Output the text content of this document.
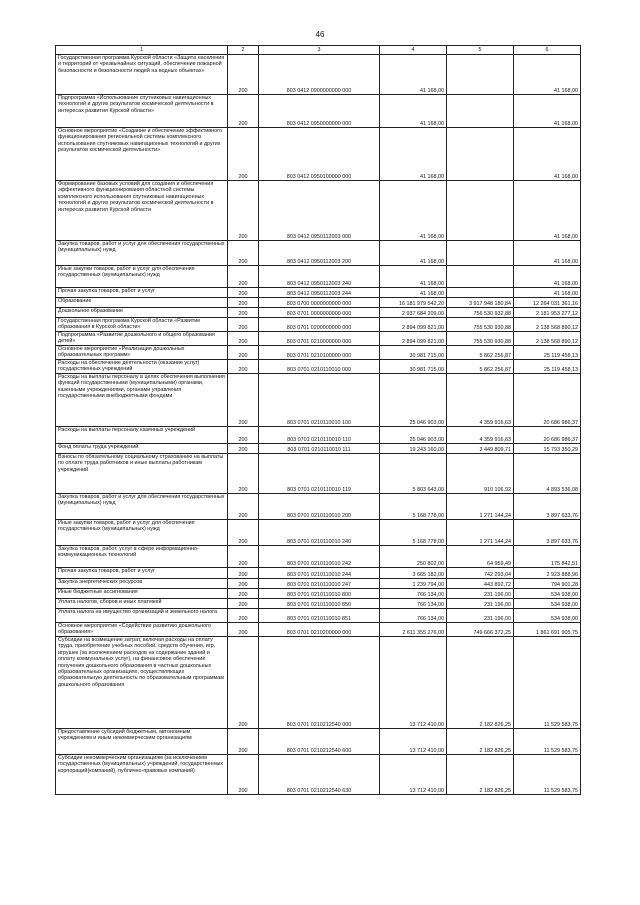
46
1	2	3	4	5	6
Государственная программа Курской области «Защита населения и территорий от чрезвычайных ситуаций, обеспечение пожарной безопасности и безопасности людей на водных объектах»	200	803 0412 0900000000 000	41 168,00		41 168,00
Подпрограмма «Использование спутниковых навигационных технологий и других результатов космической деятельности в интересах развития Курской области»	200	803 0412 0950000000 000	41 168,00		41 168,00
Основное мероприятие «Создание и обеспечение эффективного функционирования региональной системы комплексного использования спутниковых навигационных технологий и других результатов космической деятельности»	200	803 0412 0950100000 000	41 168,00		41 168,00
Формирование базовых условий для создания и обеспечения эффективного функционирования областной системы комплексного использования спутниковых навигационных технологий и других результатов космической деятельности в интересах развития Курской области	200	803 0412 0950112003 000	41 168,00		41 168,00
Закупка товаров, работ и услуг для обеспечения государственных (муниципальных) нужд	200	803 0412 0950112003 200	41 168,00		41 168,00
Иные закупки товаров, работ и услуг для обеспечения государственных (муниципальных) нужд	200	803 0412 0950112003 240	41 168,00		41 168,00
Прочая закупка товаров, работ и услуг	200	803 0412 0950112003 244	41 168,00		41 168,00
Образование	200	803 0700 0000000000 000	16 181 979 542,20	3 917 948 180,84	12 264 031 361,16
Дошкольное образование	200	803 0701 0000000000 000	2 937 684 209,00	756 530 932,88	2 181 953 277,12
Государственная программа Курской области «Развитие образования в Курской области»	200	803 0701 0200000000 000	2 894 099 821,00	755 530 930,88	2 138 568 890,12
Подпрограмма «Развитие дошкольного и общего образования детей»	200	803 0701 0210000000 000	2 894 099 821,00	755 530 930,88	2 138 568 890,12
Основное мероприятие «Реализация дошкольных образовательных программ»	200	803 0701 0210100000 000	30 981 715,00	5 862 256,87	25 119 458,13
Расходы на обеспечение деятельности (оказание услуг) государственных учреждений	200	803 0701 0210110010 000	30 981 715,00	5 862 256,87	25 119 458,13
Расходы на выплаты персоналу в целях обеспечения выполнения функций государственными (муниципальными) органами, казенными учреждениями, органами управления государственными внебюджетными фондами	200	803 0701 0210110010 100	25 046 903,00	4 359 916,63	20 686 986,37
Расходы на выплаты персоналу казенных учреждений	200	803 0701 0210110010 110	25 046 903,00	4 359 916,63	20 686 986,37
Фонд оплаты труда учреждений	200	803 0701 0210110010 111	19 243 160,00	3 449 809,71	15 793 350,29
Взносы по обязательному социальному страхованию на выплаты по оплате труда работников и иные выплаты работникам учреждений	200	803 0701 0210110010 119	5 803 643,00	910 106,92	4 893 536,08
Закупка товаров, работ и услуг для обеспечения государственных (муниципальных) нужд	200	803 0701 0210110010 200	5 168 778,00	1 271 144,24	3 897 633,76
Иные закупки товаров, работ и услуг для обеспечения государственных (муниципальных) нужд	200	803 0701 0210110010 240	5 168 778,00	1 271 144,24	3 897 633,76
Закупка товаров, работ, услуг в сфере информационно-коммуникационных технологий	200	803 0701 0210110010 242	250 802,00	64 959,49	175 842,51
Прочая закупка товаров, работ и услуг	200	803 0701 0210110010 244	3 665 182,00	742 293,04	2 923 888,96
Закупка энергетических ресурсов	200	803 0701 0210110010 247	1 239 794,00	443 892,72	794 901,28
Иные бюджетные ассигнования	200	803 0701 0210110010 800	766 134,00	231 196,00	534 938,00
Уплата налогов, сборов и иных платежей	200	803 0701 0210110010 850	766 134,00	231 196,00	534 938,00
Уплата налога на имущество организаций и земельного налога	200	803 0701 0210110010 851	766 134,00	231 196,00	534 938,00
Основное мероприятие «Содействие развитию дошкольного образования»	200	803 0701 0210200000 000	2 611 355 276,00	749 666 372,25	1 861 691 905,75
Субсидии на возмещение затрат, включая расходы на оплату труда, приобретение учебных пособий, средств обучения, игр, игрушек (за исключением расходов на содержание зданий и оплату коммунальных услуг), на финансовое обеспечение получения дошкольного образования в частных дошкольных образовательных организациях, осуществляющих образовательную деятельность по образовательным программам дошкольного образования	200	803 0701 0210212540 000	13 712 410,00	2 182 826,25	11 529 583,75
Предоставление субсидий бюджетным, автономным учреждениям и иным некоммерческим организациям	200	803 0701 0210212540 600	13 712 410,00	2 182 826,25	11 529 583,75
Субсидии некоммерческим организациям (за исключением государственных (муниципальных) учреждений, государственных корпораций(компаний), публично-правовых компаний)	200	803 0701 0210212540 630	13 712 410,00	2 182 826,25	11 529 583,75
